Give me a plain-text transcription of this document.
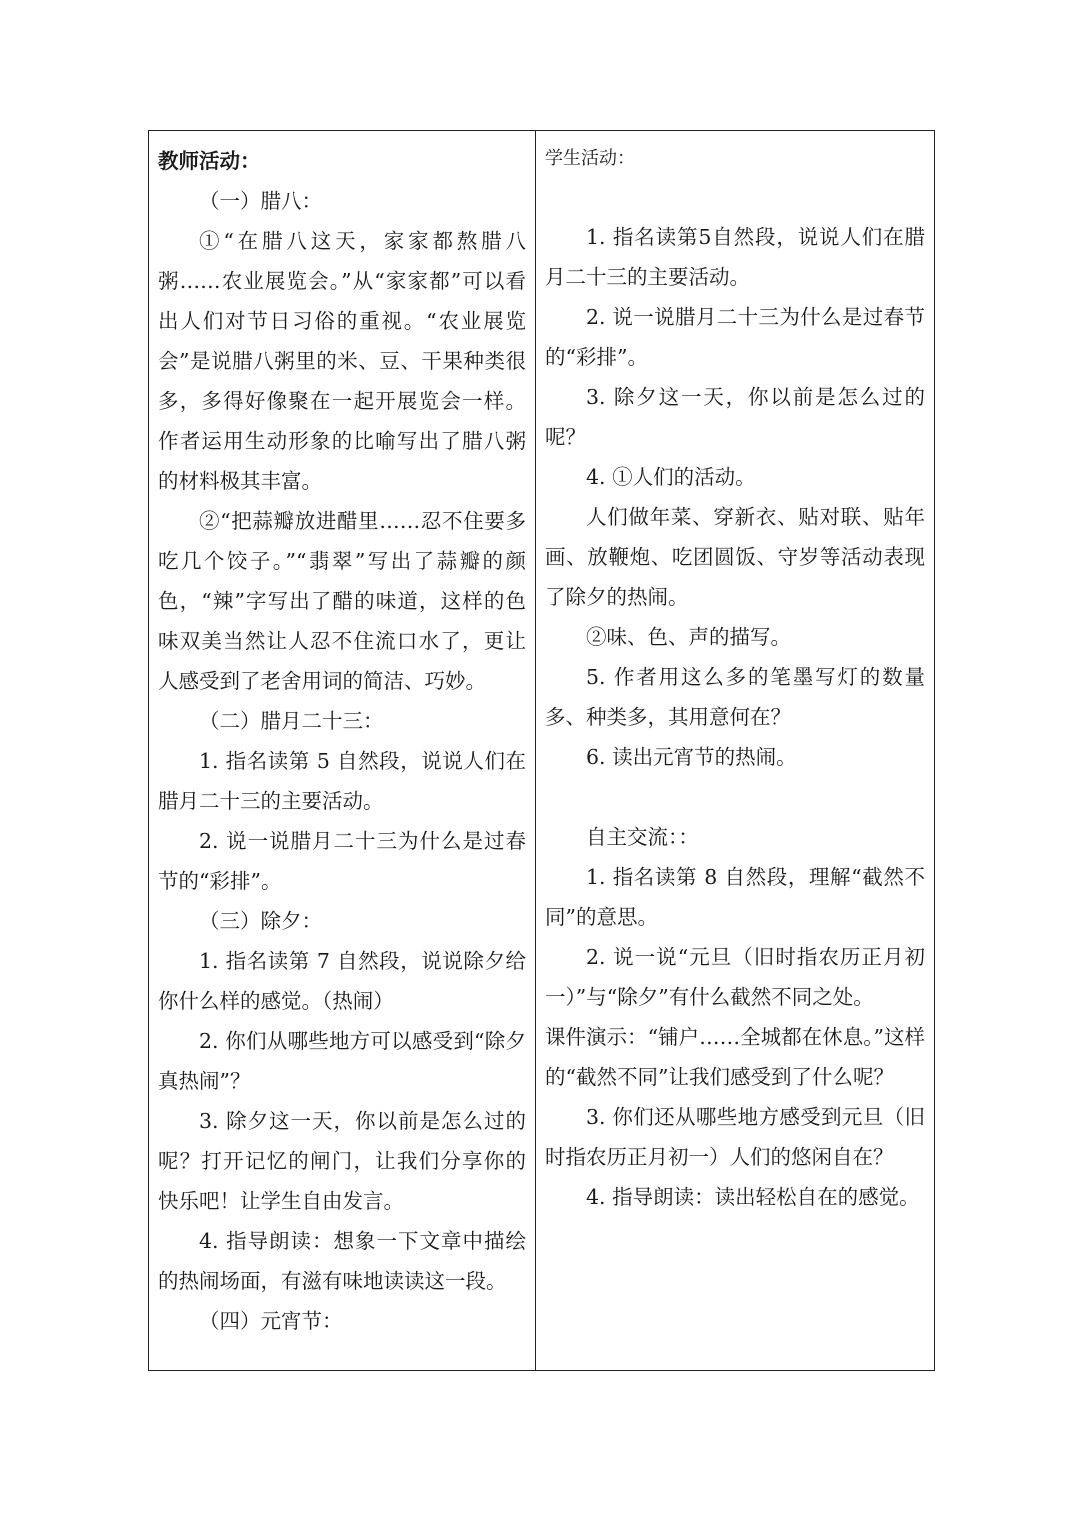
教师活动：

（一）腊八：

①“在腊八这天，家家都熬腊八粥……农业展览会。”从“家家都”可以看出人们对节日习俗的重视。“农业展览会”是说腊八粥里的米、豆、干果种类很多，多得好像聚在一起开展览会一样。作者运用生动形象的比喻写出了腊八粥的材料极其丰富。

②“把蒜瓣放进醋里……忍不住要多吃几个饺子。”“翡翠”写出了蒜瓣的颜色，“辣”字写出了醋的味道，这样的色味双美当然让人忍不住流口水了，更让人感受到了老舍用词的简洁、巧妙。

（二）腊月二十三：

1. 指名读第 5 自然段，说说人们在腊月二十三的主要活动。

2. 说一说腊月二十三为什么是过春节的“彩排”。

（三）除夕：

1. 指名读第 7 自然段，说说除夕给你什么样的感觉。（热闹）

2. 你们从哪些地方可以感受到“除夕真热闹”？

3. 除夕这一天，你以前是怎么过的呢？打开记忆的闸门，让我们分享你的快乐吧！让学生自由发言。

4. 指导朗读：想象一下文章中描绘的热闹场面，有滋有味地读读这一段。

（四）元宵节：

学生活动：

1. 指名读第5自然段，说说人们在腊月二十三的主要活动。

2. 说一说腊月二十三为什么是过春节的“彩排”。

3. 除夕这一天，你以前是怎么过的呢？

4. ①人们的活动。

人们做年菜、穿新衣、贴对联、贴年画、放鞭炮、吃团圆饭、守岁等活动表现了除夕的热闹。

②味、色、声的描写。

5. 作者用这么多的笔墨写灯的数量多、种类多，其用意何在？

6. 读出元宵节的热闹。

自主交流：：

1. 指名读第 8 自然段，理解“截然不同”的意思。

2. 说一说“元旦（旧时指农历正月初一）”与“除夕”有什么截然不同之处。

课件演示：“铺户……全城都在休息。”这样的“截然不同”让我们感受到了什么呢？

3. 你们还从哪些地方感受到元旦（旧时指农历正月初一）人们的悠闲自在？

4. 指导朗读：读出轻松自在的感觉。
